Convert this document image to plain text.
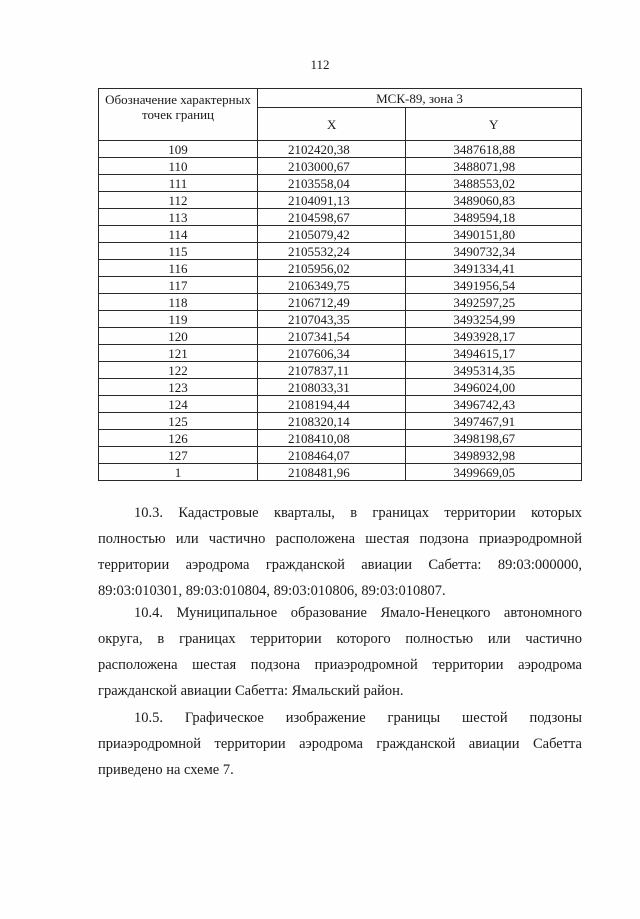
112
Обозначение характерных точек границ	МСК-89, зона 3	
	X	Y
109	2102420,38	3487618,88
110	2103000,67	3488071,98
111	2103558,04	3488553,02
112	2104091,13	3489060,83
113	2104598,67	3489594,18
114	2105079,42	3490151,80
115	2105532,24	3490732,34
116	2105956,02	3491334,41
117	2106349,75	3491956,54
118	2106712,49	3492597,25
119	2107043,35	3493254,99
120	2107341,54	3493928,17
121	2107606,34	3494615,17
122	2107837,11	3495314,35
123	2108033,31	3496024,00
124	2108194,44	3496742,43
125	2108320,14	3497467,91
126	2108410,08	3498198,67
127	2108464,07	3498932,98
1	2108481,96	3499669,05

10.3. Кадастровые кварталы, в границах территории которых полностью или частично расположена шестая подзона приаэродромной территории аэродрома гражданской авиации Сабетта: 89:03:000000, 89:03:010301, 89:03:010804, 89:03:010806, 89:03:010807.

10.4. Муниципальное образование Ямало-Ненецкого автономного округа, в границах территории которого полностью или частично расположена шестая подзона приаэродромной территории аэродрома гражданской авиации Сабетта: Ямальский район.

10.5. Графическое изображение границы шестой подзоны приаэродромной территории аэродрома гражданской авиации Сабетта приведено на схеме 7.
